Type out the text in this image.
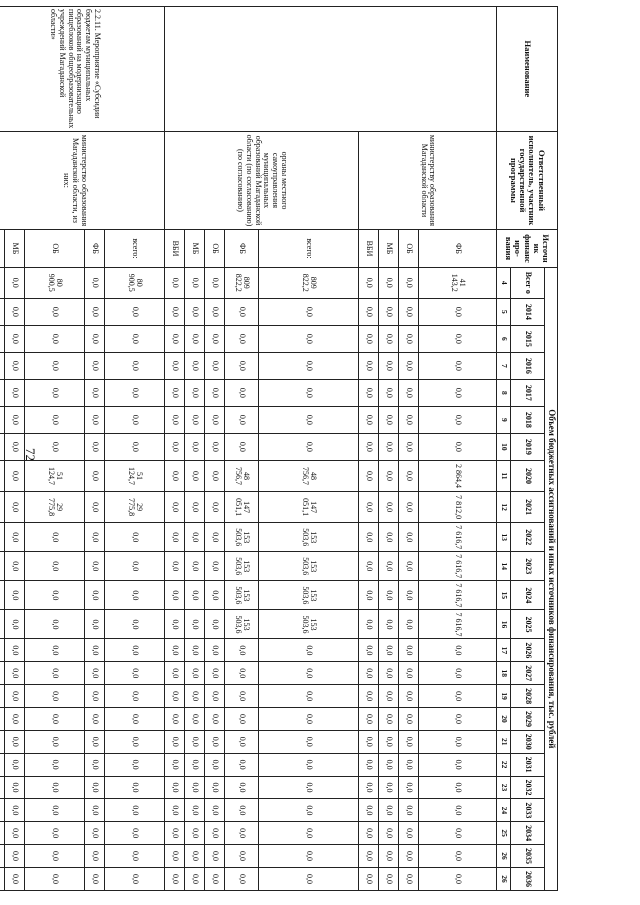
72
Наименование	Ответственный исполнитель, участник государственной программы	Источник финансиро-вания	Объем бюджетных ассигнований и иных источников финансирования, тыс. рублей																							
			Всег о	2014	2015	2016	2017	2018	2019	2020	2021	2022	2023	2024	2025	2026	2027	2028	2029	2030	2031	2032	2033	2034	2035	2036
			4	5	6	7	8	9	10	11	12	13	14	15	16	17	18	19	20	21	22	23	24	25	26	26
	министерству образования Магаданской области	ФБ	41 143,2	0,0	0,0	0,0	0,0	0,0	0,0	2 864,4	7 812,0	7 616,7	7 616,7	7 616,7	7 616,7	0,0	0,0	0,0	0,0	0,0	0,0	0,0	0,0	0,0	0,0	0,0
		ОБ	0,0	0,0	0,0	0,0	0,0	0,0	0,0	0,0	0,0	0,0	0,0	0,0	0,0	0,0	0,0	0,0	0,0	0,0	0,0	0,0	0,0	0,0	0,0	0,0
		МБ	0,0	0,0	0,0	0,0	0,0	0,0	0,0	0,0	0,0	0,0	0,0	0,0	0,0	0,0	0,0	0,0	0,0	0,0	0,0	0,0	0,0	0,0	0,0	0,0
		ВБИ	0,0	0,0	0,0	0,0	0,0	0,0	0,0	0,0	0,0	0,0	0,0	0,0	0,0	0,0	0,0	0,0	0,0	0,0	0,0	0,0	0,0	0,0	0,0	0,0
	органы местного самоуправления муниципальных образований Магаданской области (по согласованию) (по согласованию)	всего:	809 822,2	0,0	0,0	0,0	0,0	0,0	0,0	48 756,7	147 051,1	153 503,6	153 503,6	153 503,6	153 503,6	0,0	0,0	0,0	0,0	0,0	0,0	0,0	0,0	0,0	0,0	0,0
		ФБ	809 822,2	0,0	0,0	0,0	0,0	0,0	0,0	48 756,7	147 051,1	153 503,6	153 503,6	153 503,6	153 503,6	0,0	0,0	0,0	0,0	0,0	0,0	0,0	0,0	0,0	0,0	0,0
		ОБ	0,0	0,0	0,0	0,0	0,0	0,0	0,0	0,0	0,0	0,0	0,0	0,0	0,0	0,0	0,0	0,0	0,0	0,0	0,0	0,0	0,0	0,0	0,0	0,0
		МБ	0,0	0,0	0,0	0,0	0,0	0,0	0,0	0,0	0,0	0,0	0,0	0,0	0,0	0,0	0,0	0,0	0,0	0,0	0,0	0,0	0,0	0,0	0,0	0,0
		ВБИ	0,0	0,0	0,0	0,0	0,0	0,0	0,0	0,0	0,0	0,0	0,0	0,0	0,0	0,0	0,0	0,0	0,0	0,0	0,0	0,0	0,0	0,0	0,0	0,0
2.2.11. Мероприятие «Субсидии бюджетам муниципальных образований на модернизацию пищеблоков общеобразовательных учреждений Магаданской области»	министерство образования Магаданской области, из них:	всего:	80 900,5	0,0	0,0	0,0	0,0	0,0	0,0	51 124,7	29 775,8	0,0	0,0	0,0	0,0	0,0	0,0	0,0	0,0	0,0	0,0	0,0	0,0	0,0	0,0	0,0
		ФБ	0,0	0,0	0,0	0,0	0,0	0,0	0,0	0,0	0,0	0,0	0,0	0,0	0,0	0,0	0,0	0,0	0,0	0,0	0,0	0,0	0,0	0,0	0,0	0,0
		ОБ	80 900,5	0,0	0,0	0,0	0,0	0,0	0,0	51 124,7	29 775,8	0,0	0,0	0,0	0,0	0,0	0,0	0,0	0,0	0,0	0,0	0,0	0,0	0,0	0,0	0,0
		МБ	0,0	0,0	0,0	0,0	0,0	0,0	0,0	0,0	0,0	0,0	0,0	0,0	0,0	0,0	0,0	0,0	0,0	0,0	0,0	0,0	0,0	0,0	0,0	0,0
